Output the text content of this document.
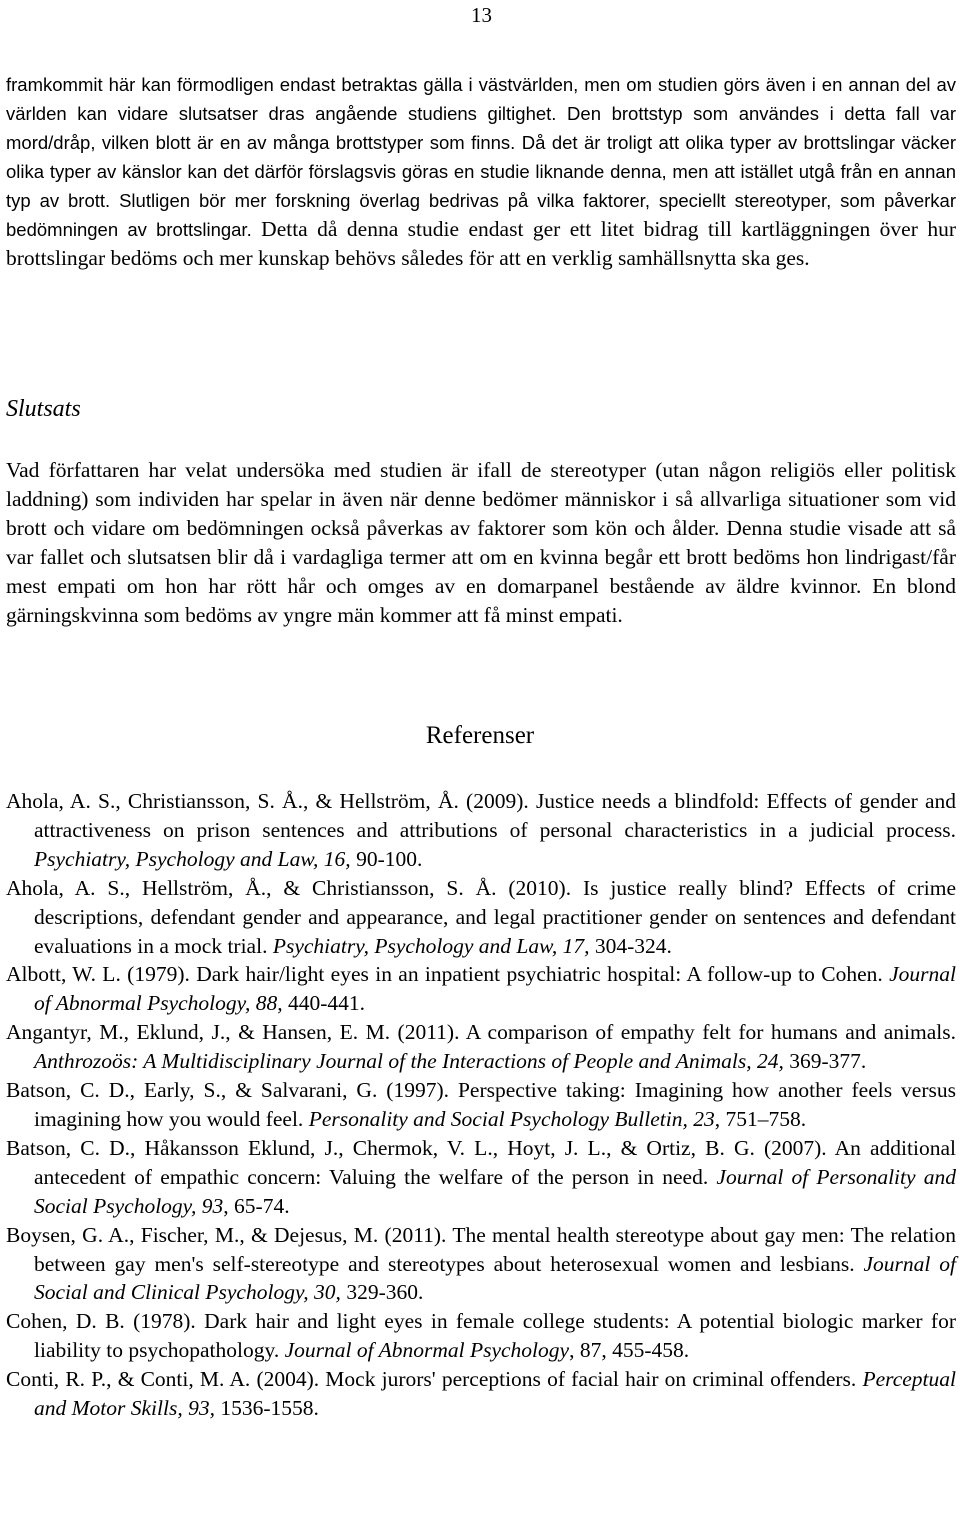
13

framkommit här kan förmodligen endast betraktas gälla i västvärlden, men om studien görs även i en annan del av världen kan vidare slutsatser dras angående studiens giltighet. Den brottstyp som användes i detta fall var mord/dråp, vilken blott är en av många brottstyper som finns. Då det är troligt att olika typer av brottslingar väcker olika typer av känslor kan det därför förslagsvis göras en studie liknande denna, men att istället utgå från en annan typ av brott. Slutligen bör mer forskning överlag bedrivas på vilka faktorer, speciellt stereotyper, som påverkar bedömningen av brottslingar. Detta då denna studie endast ger ett litet bidrag till kartläggningen över hur brottslingar bedöms och mer kunskap behövs således för att en verklig samhällsnytta ska ges.

Slutsats

Vad författaren har velat undersöka med studien är ifall de stereotyper (utan någon religiös eller politisk laddning) som individen har spelar in även när denne bedömer människor i så allvarliga situationer som vid brott och vidare om bedömningen också påverkas av faktorer som kön och ålder. Denna studie visade att så var fallet och slutsatsen blir då i vardagliga termer att om en kvinna begår ett brott bedöms hon lindrigast/får mest empati om hon har rött hår och omges av en domarpanel bestående av äldre kvinnor. En blond gärningskvinna som bedöms av yngre män kommer att få minst empati.

Referenser
Ahola, A. S., Christiansson, S. Å., & Hellström, Å. (2009). Justice needs a blindfold: Effects of gender and attractiveness on prison sentences and attributions of personal characteristics in a judicial process. Psychiatry, Psychology and Law, 16, 90-100.
Ahola, A. S., Hellström, Å., & Christiansson, S. Å. (2010). Is justice really blind? Effects of crime descriptions, defendant gender and appearance, and legal practitioner gender on sentences and defendant evaluations in a mock trial. Psychiatry, Psychology and Law, 17, 304-324.
Albott, W. L. (1979). Dark hair/light eyes in an inpatient psychiatric hospital: A follow-up to Cohen. Journal of Abnormal Psychology, 88, 440-441.
Angantyr, M., Eklund, J., & Hansen, E. M. (2011). A comparison of empathy felt for humans and animals. Anthrozoös: A Multidisciplinary Journal of the Interactions of People and Animals, 24, 369-377.
Batson, C. D., Early, S., & Salvarani, G. (1997). Perspective taking: Imagining how another feels versus imagining how you would feel. Personality and Social Psychology Bulletin, 23, 751–758.
Batson, C. D., Håkansson Eklund, J., Chermok, V. L., Hoyt, J. L., & Ortiz, B. G. (2007). An additional antecedent of empathic concern: Valuing the welfare of the person in need. Journal of Personality and Social Psychology, 93, 65-74.
Boysen, G. A., Fischer, M., & Dejesus, M. (2011). The mental health stereotype about gay men: The relation between gay men's self-stereotype and stereotypes about heterosexual women and lesbians. Journal of Social and Clinical Psychology, 30, 329-360.
Cohen, D. B. (1978). Dark hair and light eyes in female college students: A potential biologic marker for liability to psychopathology. Journal of Abnormal Psychology, 87, 455-458.
Conti, R. P., & Conti, M. A. (2004). Mock jurors' perceptions of facial hair on criminal offenders. Perceptual and Motor Skills, 93, 1536-1558.
